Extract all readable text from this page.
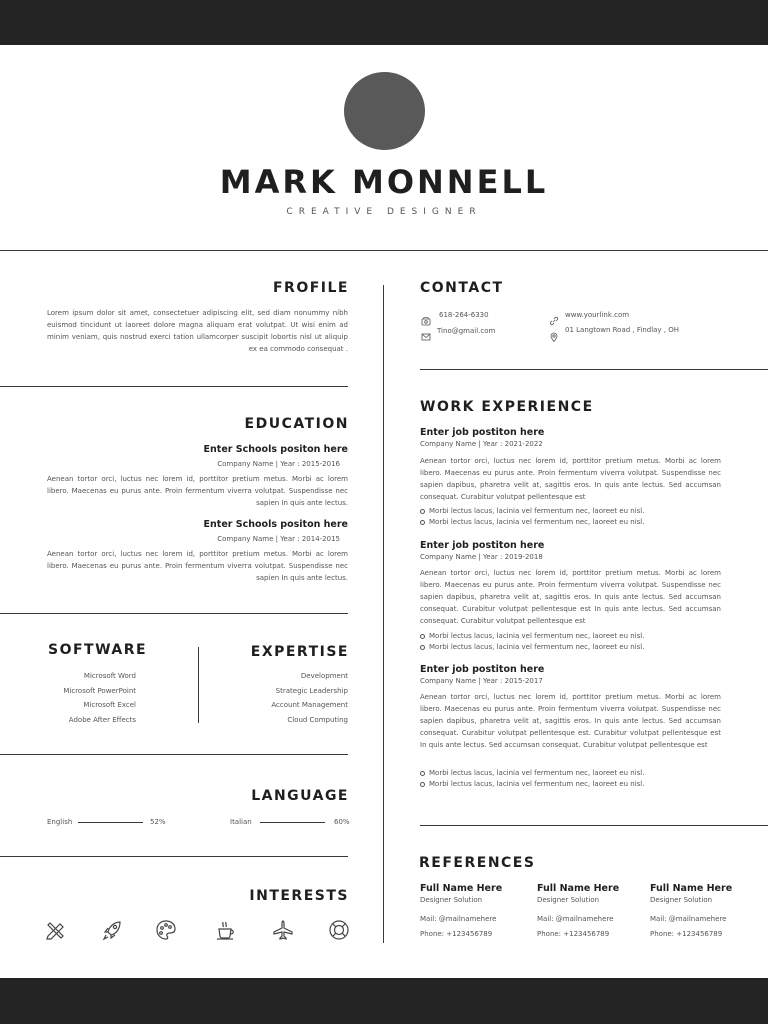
MARK MONNELL
CREATIVE DESIGNER
FROFILE
Lorem ipsum dolor sit amet, consectetuer adipiscing elit, sed diam nonummy nibh euismod tincidunt ut laoreet dolore magna aliquam erat volutpat. Ut wisi enim ad minim veniam, quis nostrud exerci tation ullamcorper suscipit lobortis nisl ut aliquip ex ea commodo consequat .
EDUCATION
Enter Schools positon here
Company Name | Year : 2015-2016
Aenean tortor orci, luctus nec lorem id, porttitor pretium metus. Morbi ac lorem libero. Maecenas eu purus ante. Proin fermentum viverra volutpat. Suspendisse nec sapien In quis ante lectus.
Enter Schools positon here
Company Name | Year : 2014-2015
Aenean tortor orci, luctus nec lorem id, porttitor pretium metus. Morbi ac lorem libero. Maecenas eu purus ante. Proin fermentum viverra volutpat. Suspendisse nec sapien In quis ante lectus.
SOFTWARE
Microsoft Word
Microsoft PowerPoint
Microsoft Excel
Adobe After Effects
EXPERTISE
Development
Strategic Leadership
Account Management
Cloud Computing
LANGUAGE
English	52%	Italian	60%
INTERESTS
CONTACT
618-264-6330
Tino@gmail.com
www.yourlink.com
01 Langtown Road , Findlay , OH
WORK EXPERIENCE
Enter job postiton here
Company Name | Year : 2021-2022
Aenean tortor orci, luctus nec lorem id, porttitor pretium metus. Morbi ac lorem libero. Maecenas eu purus ante. Proin fermentum viverra volutpat. Suspendisse nec sapien dapibus, pharetra velit at, sagittis eros. In quis ante lectus. Sed accumsan consequat. Curabitur volutpat pellentesque est
Morbi lectus lacus, lacinia vel fermentum nec, laoreet eu nisl.
Morbi lectus lacus, lacinia vel fermentum nec, laoreet eu nisl.
Enter job postiton here
Company Name | Year : 2019-2018
Aenean tortor orci, luctus nec lorem id, porttitor pretium metus. Morbi ac lorem libero. Maecenas eu purus ante. Proin fermentum viverra volutpat. Suspendisse nec sapien dapibus, pharetra velit at, sagittis eros. In quis ante lectus. Sed accumsan consequat. Curabitur volutpat pellentesque est In quis ante lectus. Sed accumsan consequat. Curabitur volutpat pellentesque est
Morbi lectus lacus, lacinia vel fermentum nec, laoreet eu nisl.
Morbi lectus lacus, lacinia vel fermentum nec, laoreet eu nisl.
Enter job postiton here
Company Name | Year : 2015-2017
Aenean tortor orci, luctus nec lorem id, porttitor pretium metus. Morbi ac lorem libero. Maecenas eu purus ante. Proin fermentum viverra volutpat. Suspendisse nec sapien dapibus, pharetra velit at, sagittis eros. In quis ante lectus. Sed accumsan consequat. Curabitur volutpat pellentesque est. Curabitur volutpat pellentesque est In quis ante lectus. Sed accumsan consequat. Curabitur volutpat pellentesque est
Morbi lectus lacus, lacinia vel fermentum nec, laoreet eu nisl.
Morbi lectus lacus, lacinia vel fermentum nec, laoreet eu nisl.
REFERENCES
Full Name Here
Designer Solution
Mail: @mailnamehere
Phone: +123456789
Full Name Here
Designer Solution
Mail: @mailnamehere
Phone: +123456789
Full Name Here
Designer Solution
Mail: @mailnamehere
Phone: +123456789
